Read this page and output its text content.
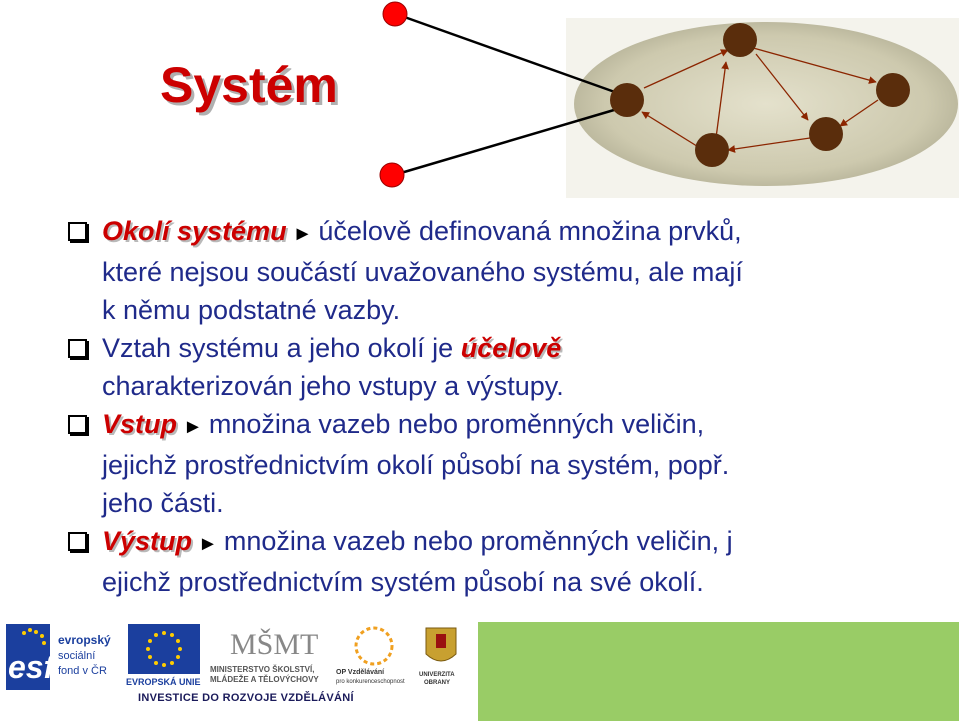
Systém

Okolí systému ► účelově definovaná množina prvků,
které nejsou součástí uvažovaného systému, ale mají
k němu podstatné vazby.

Vztah systému a jeho okolí je účelově
charakterizován jeho vstupy a výstupy.

Vstup ► množina vazeb nebo proměnných veličin,
jejichž prostřednictvím okolí působí na systém, popř.
jeho části.

Výstup ► množina vazeb nebo proměnných veličin, j
ejichž prostřednictvím systém působí na své okolí.

esf
evropský
sociální
fond v ČR
EVROPSKÁ UNIE
MŠMT
MINISTERSTVO ŠKOLSTVÍ,
MLÁDEŽE A TĚLOVÝCHOVY
OP Vzdělávání
pro konkurenceschopnost
UNIVERZITA
OBRANY
INVESTICE DO ROZVOJE VZDĚLÁVÁNÍ
